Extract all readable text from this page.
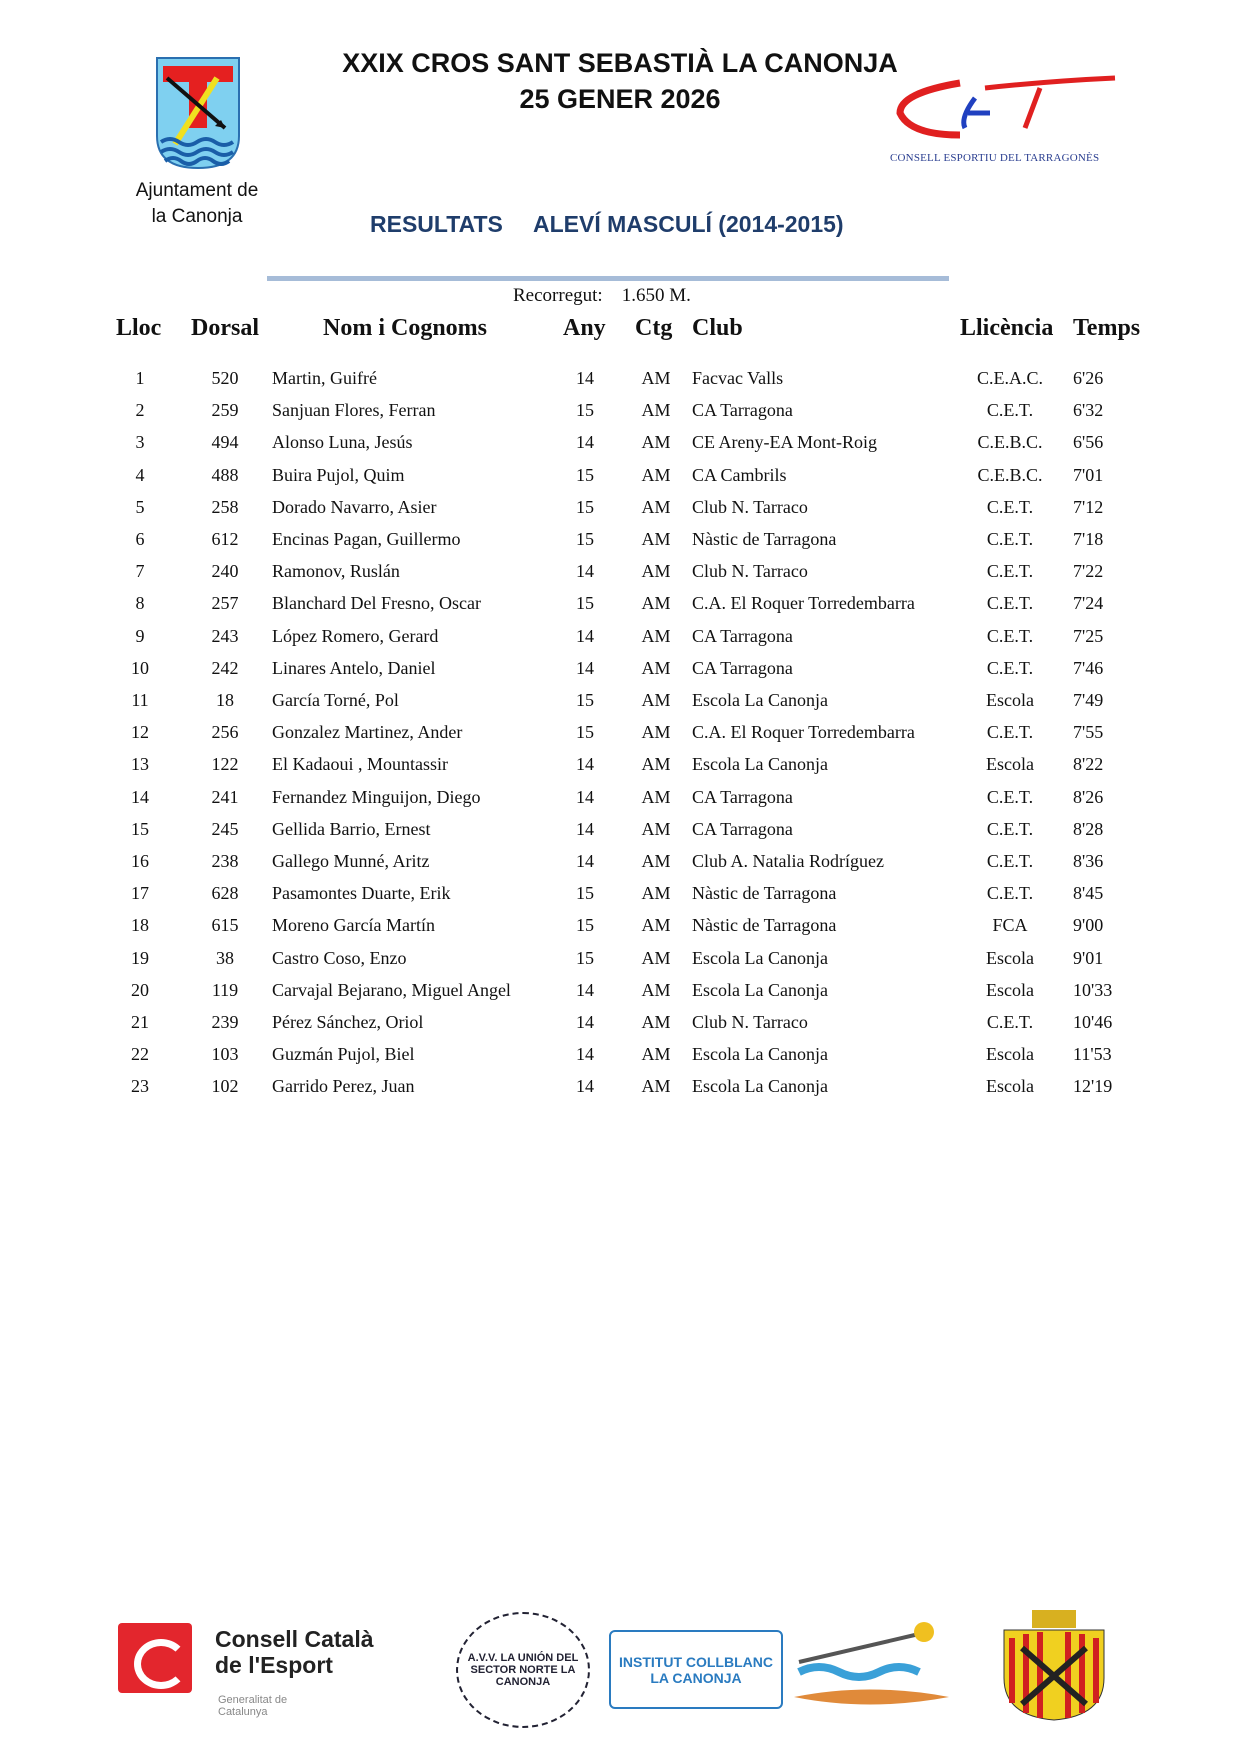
Ajuntament de
la Canonja
XXIX CROS SANT SEBASTIÀ LA CANONJA
25 GENER 2026
CONSELL ESPORTIU DEL TARRAGONÈS
RESULTATS ALEVÍ MASCULÍ (2014-2015)
Recorregut: 1.650 M.
Lloc Dorsal	Nom i Cognoms	Any Ctg Club	Llicència Temps
1	520	Martin, Guifré	14	AM Facvac Valls	C.E.A.C.	6'26
2	259	Sanjuan Flores, Ferran	15	AM CA Tarragona	C.E.T.	6'32
3	494	Alonso Luna, Jesús	14	AM CE Areny-EA Mont-Roig	C.E.B.C.	6'56
4	488	Buira Pujol, Quim	15	AM CA Cambrils	C.E.B.C.	7'01
5	258	Dorado Navarro, Asier	15	AM Club N. Tarraco	C.E.T.	7'12
6	612	Encinas Pagan, Guillermo	15	AM Nàstic de Tarragona	C.E.T.	7'18
7	240	Ramonov, Ruslán	14	AM Club N. Tarraco	C.E.T.	7'22
8	257	Blanchard Del Fresno, Oscar	15	AM C.A. El Roquer Torredembarra	C.E.T.	7'24
9	243	López Romero, Gerard	14	AM CA Tarragona	C.E.T.	7'25
10	242	Linares Antelo, Daniel	14	AM CA Tarragona	C.E.T.	7'46
11	18	García Torné, Pol	15	AM Escola La Canonja	Escola	7'49
12	256	Gonzalez Martinez, Ander	15	AM C.A. El Roquer Torredembarra	C.E.T.	7'55
13	122	El Kadaoui , Mountassir	14	AM Escola La Canonja	Escola	8'22
14	241	Fernandez Minguijon, Diego	14	AM CA Tarragona	C.E.T.	8'26
15	245	Gellida Barrio, Ernest	14	AM CA Tarragona	C.E.T.	8'28
16	238	Gallego Munné, Aritz	14	AM Club A. Natalia Rodríguez	C.E.T.	8'36
17	628	Pasamontes Duarte, Erik	15	AM Nàstic de Tarragona	C.E.T.	8'45
18	615	Moreno García Martín	15	AM Nàstic de Tarragona	FCA	9'00
19	38	Castro Coso, Enzo	15	AM Escola La Canonja	Escola	9'01
20	119	Carvajal Bejarano, Miguel Angel	14	AM Escola La Canonja	Escola	10'33
21	239	Pérez Sánchez, Oriol	14	AM Club N. Tarraco	C.E.T.	10'46
22	103	Guzmán Pujol, Biel	14	AM Escola La Canonja	Escola	11'53
23	102	Garrido Perez, Juan	14	AM Escola La Canonja	Escola	12'19
Consell Català
de l'Esport
Generalitat de Catalunya
A.V.V. LA UNIÓN DEL SECTOR NORTE LA CANONJA
INSTITUT COLLBLANC LA CANONJA
